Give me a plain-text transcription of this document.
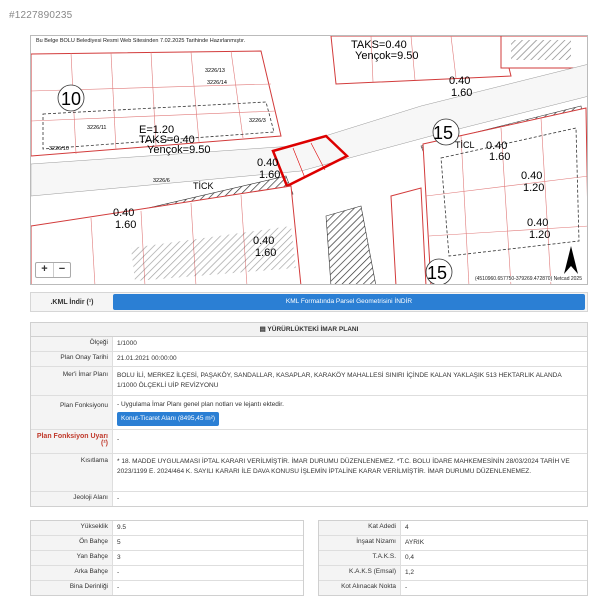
#1227890235
10
15
15
TAKS=0.40
Yençok=9.50
E=1.20
TAKS=0.40
Yençok=9.50	TİCL
TİCK
0.40
1.60
0.40
1.60
0.40
1.60
0.40
1.20
0.40
1.20
0.40
1.60
0.40
1.60
3226/14
3226/13
3226/11
3226/3
3226/6
3226/10
Bu Belge BOLU Belediyesi Resmi Web Sitesinden 7.02.2025 Tarihinde Hazırlanmıştır.
(4510960.657750-379269.472870) Netcad 2025
+	−
.KML İndir (¹)	KML Formatında Parsel Geometrisini İNDİR
▤ YÜRÜRLÜKTEKİ İMAR PLANI
Ölçeği	1/1000
Plan Onay Tarihi	21.01.2021 00:00:00
Mer'i İmar Planı	BOLU İLİ, MERKEZ İLÇESİ, PAŞAKÖY, SANDALLAR, KASAPLAR, KARAKÖY MAHALLESİ SINIRI İÇİNDE KALAN YAKLAŞIK 513 HEKTARLIK ALANDA 1/1000 ÖLÇEKLİ UİP REVİZYONU
Plan Fonksiyonu	- Uygulama İmar Planı genel plan notları ve lejantı ektedir.
Konut-Ticaret Alanı (8495,45 m²)
Plan Fonksiyon Uyarı (²)
-
Kısıtlama	* 18. MADDE UYGULAMASI İPTAL KARARI VERİLMİŞTİR. İMAR DURUMU DÜZENLENEMEZ. *T.C. BOLU İDARE MAHKEMESİNİN 28/03/2024 TARİH VE 2023/1199 E. 2024/464 K. SAYILI KARARI İLE DAVA KONUSU İŞLEMİN İPTALİNE KARAR VERİLMİŞTİR. İMAR DURUMU DÜZENLENEMEZ.
Jeoloji Alanı	-
Yükseklik	9.5
Ön Bahçe	5
Yan Bahçe	3
Arka Bahçe	-
Bina Derinliği	-
Kat Adedi	4
İnşaat Nizamı	AYRIK
T.A.K.S.	0,4
K.A.K.S (Emsal)	1,2
Kot Alınacak Nokta	-
